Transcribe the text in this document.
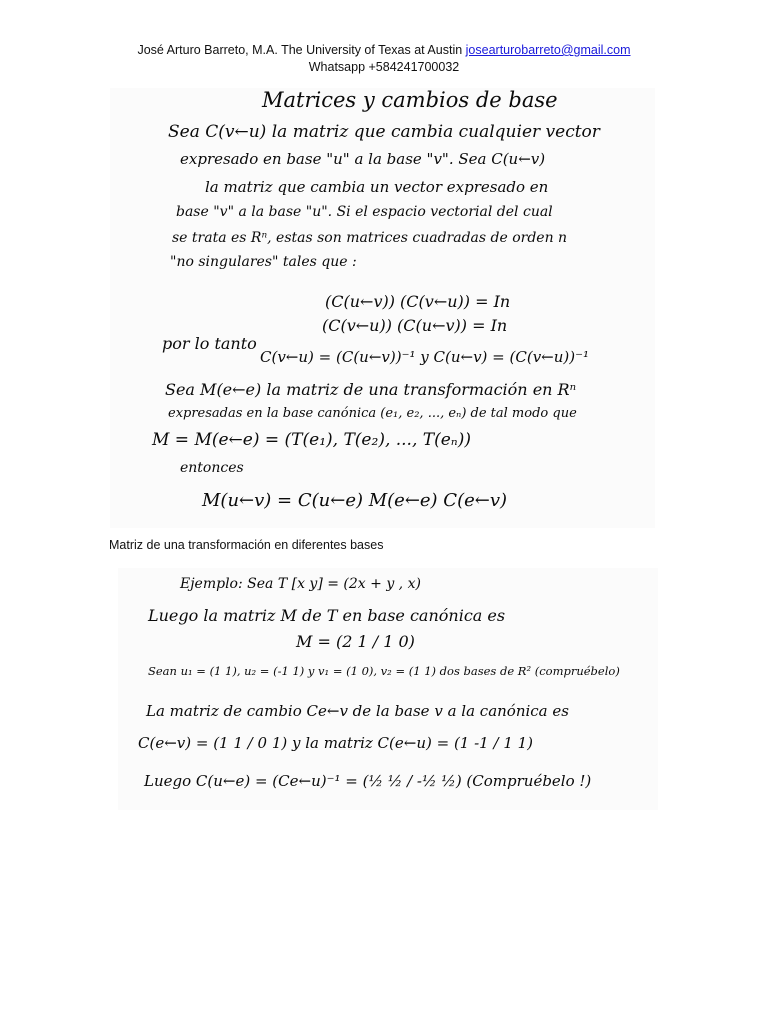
José Arturo Barreto, M.A. The University of Texas at Austin josearturobarreto@gmail.com
Whatsapp +584241700032
Matrices y cambios de base
Sea C(v←u) la matriz que cambia cualquier vector
expresado en base "u" a la base "v". Sea C(u←v)
la matriz que cambia un vector expresado en
base "v" a la base "u". Si el espacio vectorial del cual
se trata es Rⁿ, estas son matrices cuadradas de orden n
"no singulares" tales que :
(C(u←v)) (C(v←u)) = In
(C(v←u)) (C(u←v)) = In
por lo tanto
C(v←u) = (C(u←v))⁻¹ y C(u←v) = (C(v←u))⁻¹
Sea M(e←e) la matriz de una transformación en Rⁿ
expresadas en la base canónica (e₁, e₂, ..., eₙ) de tal modo que
M = M(e←e) = (T(e₁), T(e₂), ..., T(eₙ))
entonces
M(u←v) = C(u←e) M(e←e) C(e←v)
Matriz de una transformación en diferentes bases
Ejemplo: Sea T [x y] = (2x + y , x)
Luego la matriz M de T en base canónica es
M = (2 1 / 1 0)
Sean u₁ = (1 1), u₂ = (-1 1) y v₁ = (1 0), v₂ = (1 1) dos bases de R² (compruébelo)
La matriz de cambio Ce←v de la base v a la canónica es
C(e←v) = (1 1 / 0 1) y la matriz C(e←u) = (1 -1 / 1 1)
Luego C(u←e) = (Ce←u)⁻¹ = (½ ½ / -½ ½) (Compruébelo !)
